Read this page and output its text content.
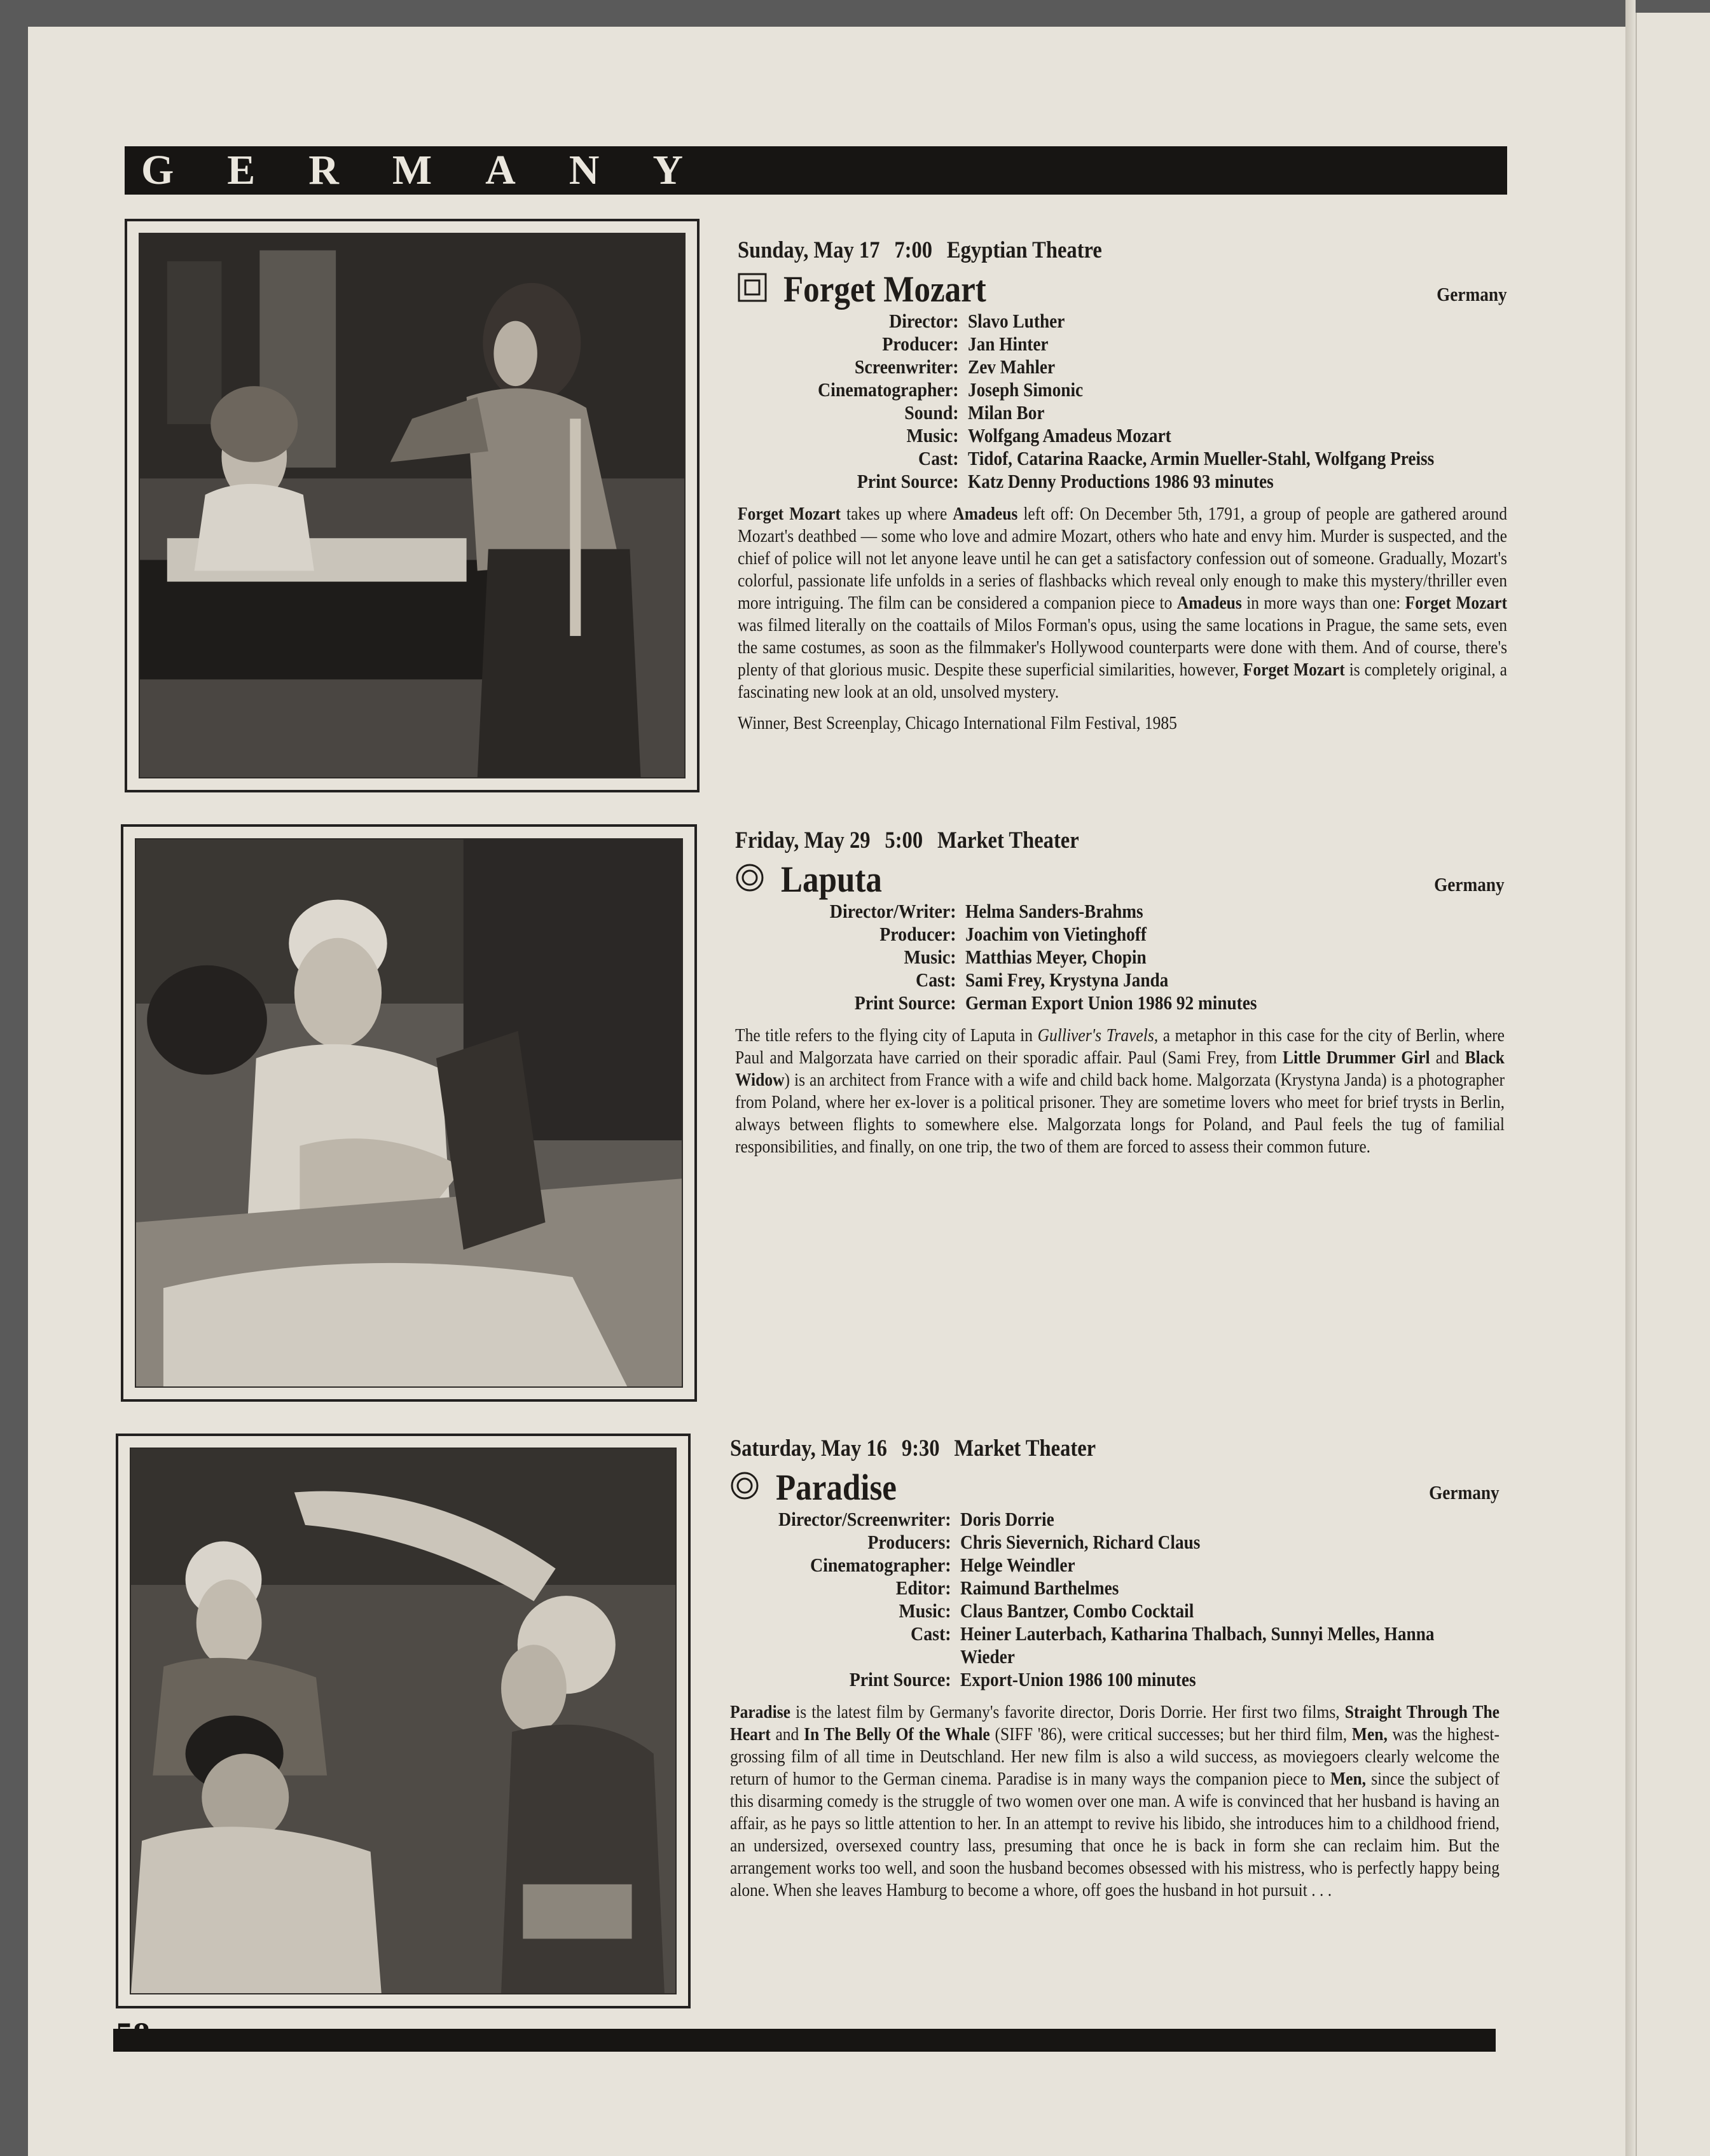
G E R M A N Y
Sunday, May 17 7:00 Egyptian Theatre
Forget Mozart	Germany
Director: Slavo Luther
Producer: Jan Hinter
Screenwriter: Zev Mahler
Cinematographer: Joseph Simonic
Sound: Milan Bor
Music: Wolfgang Amadeus Mozart
Cast: Tidof, Catarina Raacke, Armin Mueller-Stahl, Wolfgang Preiss
Print Source: Katz Denny Productions 1986 93 minutes
Forget Mozart takes up where Amadeus left off: On December 5th, 1791, a group of people are gathered around Mozart's deathbed — some who love and admire Mozart, others who hate and envy him. Murder is suspected, and the chief of police will not let anyone leave until he can get a satisfactory confession out of someone. Gradually, Mozart's colorful, passionate life unfolds in a series of flashbacks which reveal only enough to make this mystery/thriller even more intriguing. The film can be considered a companion piece to Amadeus in more ways than one: Forget Mozart was filmed literally on the coattails of Milos Forman's opus, using the same locations in Prague, the same sets, even the same costumes, as soon as the filmmaker's Hollywood counterparts were done with them. And of course, there's plenty of that glorious music. Despite these superficial similarities, however, Forget Mozart is completely original, a fascinating new look at an old, unsolved mystery.
Winner, Best Screenplay, Chicago International Film Festival, 1985
Friday, May 29 5:00 Market Theater
Laputa	Germany
Director/Writer: Helma Sanders-Brahms
Producer: Joachim von Vietinghoff
Music: Matthias Meyer, Chopin
Cast: Sami Frey, Krystyna Janda
Print Source: German Export Union 1986 92 minutes
The title refers to the flying city of Laputa in Gulliver's Travels, a metaphor in this case for the city of Berlin, where Paul and Malgorzata have carried on their sporadic affair. Paul (Sami Frey, from Little Drummer Girl and Black Widow) is an architect from France with a wife and child back home. Malgorzata (Krystyna Janda) is a photographer from Poland, where her ex-lover is a political prisoner. They are sometime lovers who meet for brief trysts in Berlin, always between flights to somewhere else. Malgorzata longs for Poland, and Paul feels the tug of familial responsibilities, and finally, on one trip, the two of them are forced to assess their common future.
Saturday, May 16 9:30 Market Theater
Paradise	Germany
Director/Screenwriter: Doris Dorrie
Producers: Chris Sievernich, Richard Claus
Cinematographer: Helge Weindler
Editor: Raimund Barthelmes
Music: Claus Bantzer, Combo Cocktail
Cast: Heiner Lauterbach, Katharina Thalbach, Sunnyi Melles, Hanna Wieder
Print Source: Export-Union 1986 100 minutes
Paradise is the latest film by Germany's favorite director, Doris Dorrie. Her first two films, Straight Through The Heart and In The Belly Of the Whale (SIFF '86), were critical successes; but her third film, Men, was the highest-grossing film of all time in Deutschland. Her new film is also a wild success, as moviegoers clearly welcome the return of humor to the German cinema. Paradise is in many ways the companion piece to Men, since the subject of this disarming comedy is the struggle of two women over one man. A wife is convinced that her husband is having an affair, as he pays so little attention to her. In an attempt to revive his libido, she introduces him to a childhood friend, an undersized, oversexed country lass, presuming that once he is back in form she can reclaim him. But the arrangement works too well, and soon the husband becomes obsessed with his mistress, who is perfectly happy being alone. When she leaves Hamburg to become a whore, off goes the husband in hot pursuit . . .
